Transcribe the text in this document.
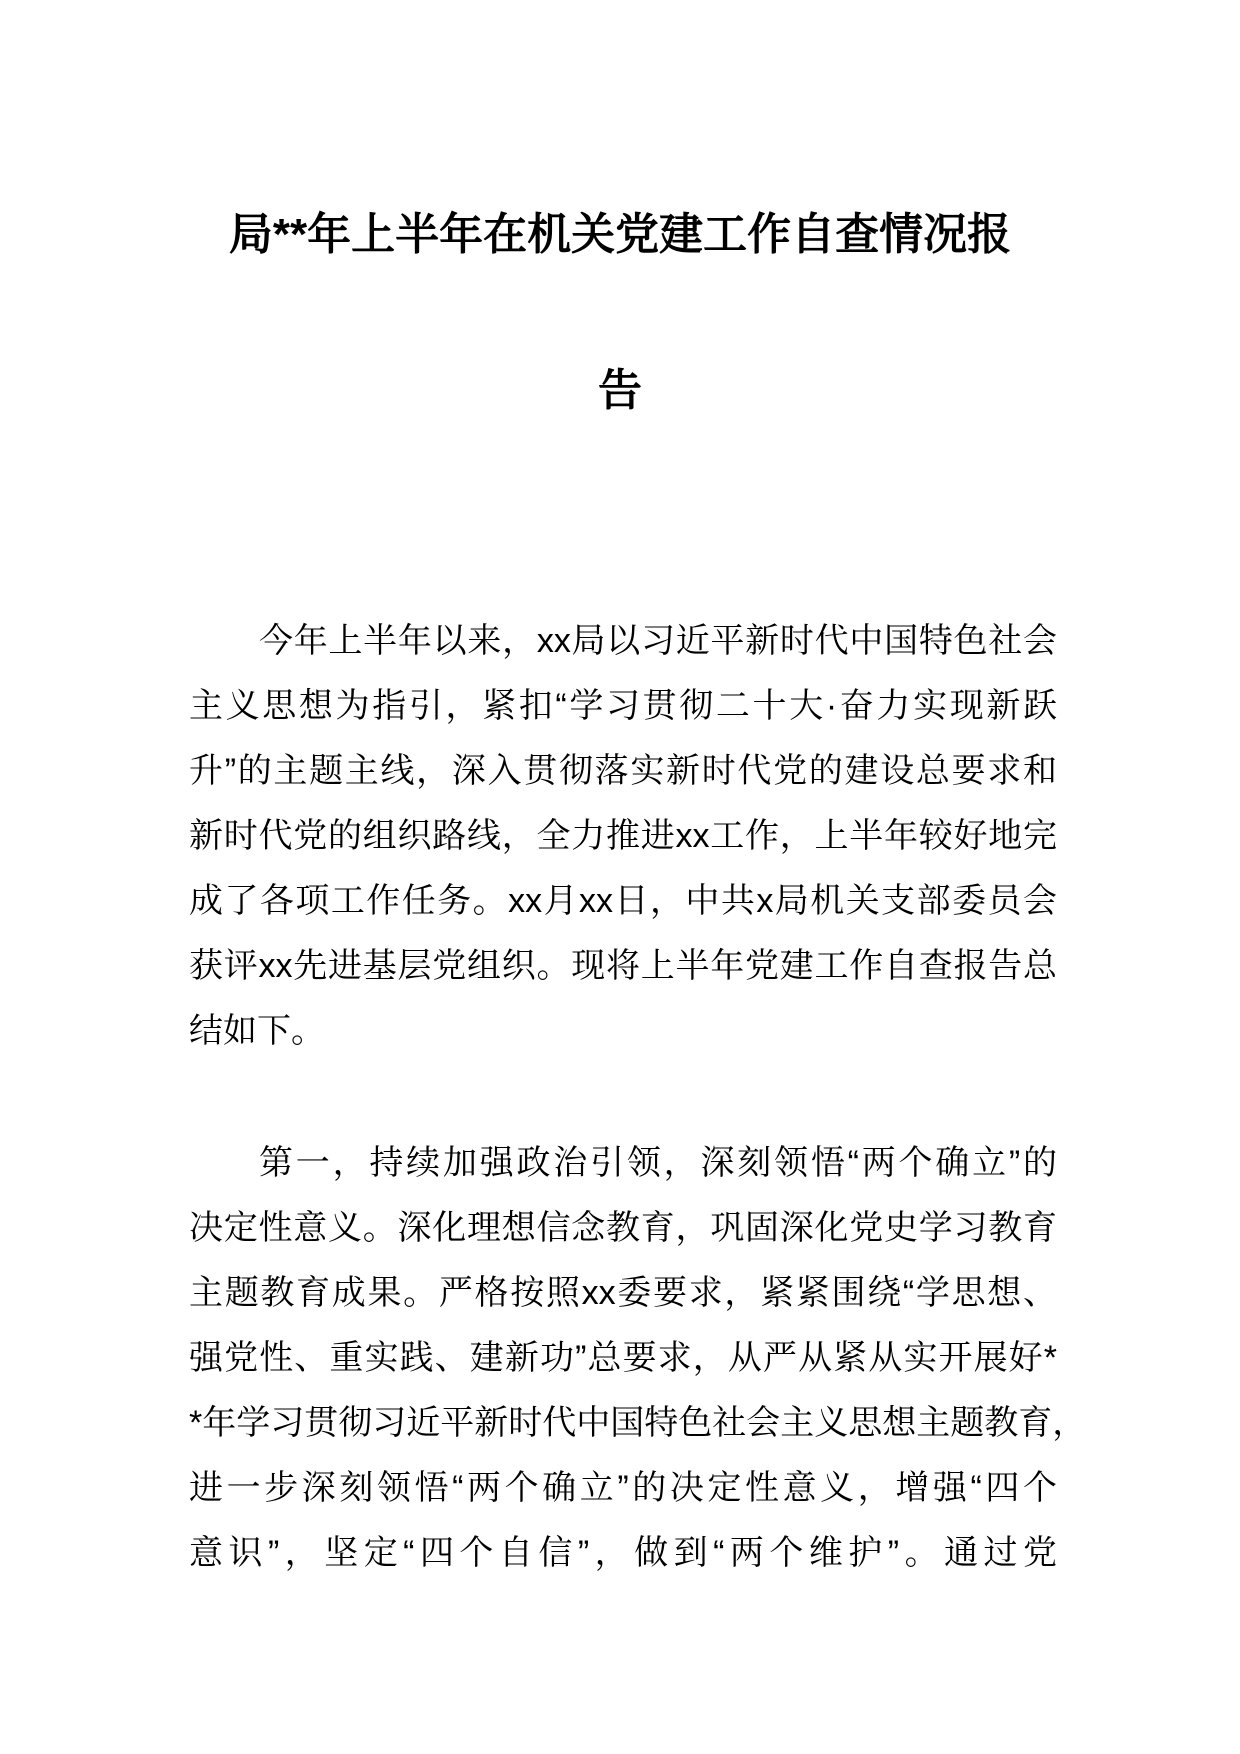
局**年上半年在机关党建工作自查情况报
告
今年上半年以来，xx局以习近平新时代中国特色社会
主义思想为指引，紧扣“学习贯彻二十大·奋力实现新跃
升”的主题主线，深入贯彻落实新时代党的建设总要求和
新时代党的组织路线，全力推进xx工作，上半年较好地完
成了各项工作任务。xx月xx日，中共x局机关支部委员会
获评xx先进基层党组织。现将上半年党建工作自查报告总
结如下。
第一，持续加强政治引领，深刻领悟“两个确立”的
决定性意义。深化理想信念教育，巩固深化党史学习教育
主题教育成果。严格按照xx委要求，紧紧围绕“学思想、
强党性、重实践、建新功”总要求，从严从紧从实开展好*
*年学习贯彻习近平新时代中国特色社会主义思想主题教育，
进一步深刻领悟“两个确立”的决定性意义，增强“四个
意识”，坚定“四个自信”，做到“两个维护”。通过党
